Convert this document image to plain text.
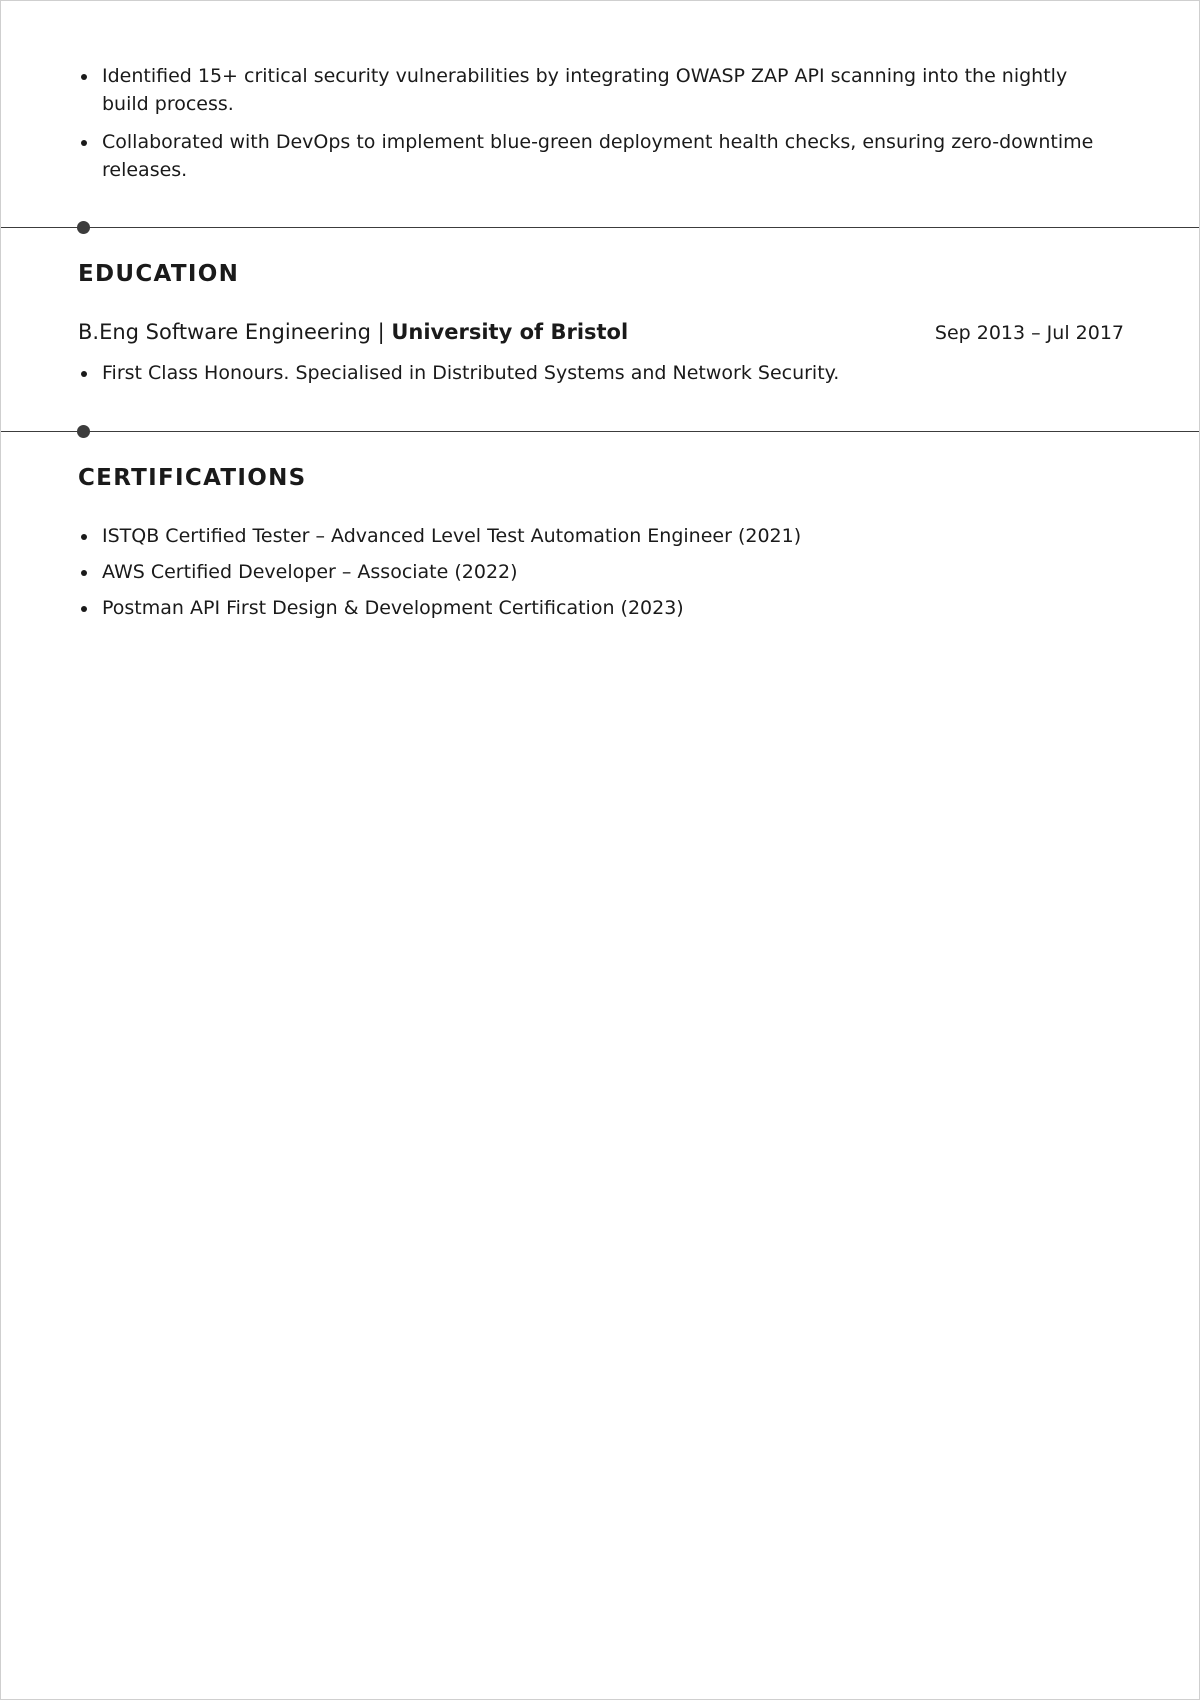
Identified 15+ critical security vulnerabilities by integrating OWASP ZAP API scanning into the nightly build process.
Collaborated with DevOps to implement blue-green deployment health checks, ensuring zero-downtime releases.
EDUCATION
B.Eng Software Engineering | University of Bristol	Sep 2013 – Jul 2017
First Class Honours. Specialised in Distributed Systems and Network Security.
CERTIFICATIONS
ISTQB Certified Tester – Advanced Level Test Automation Engineer (2021)
AWS Certified Developer – Associate (2022)
Postman API First Design & Development Certification (2023)
